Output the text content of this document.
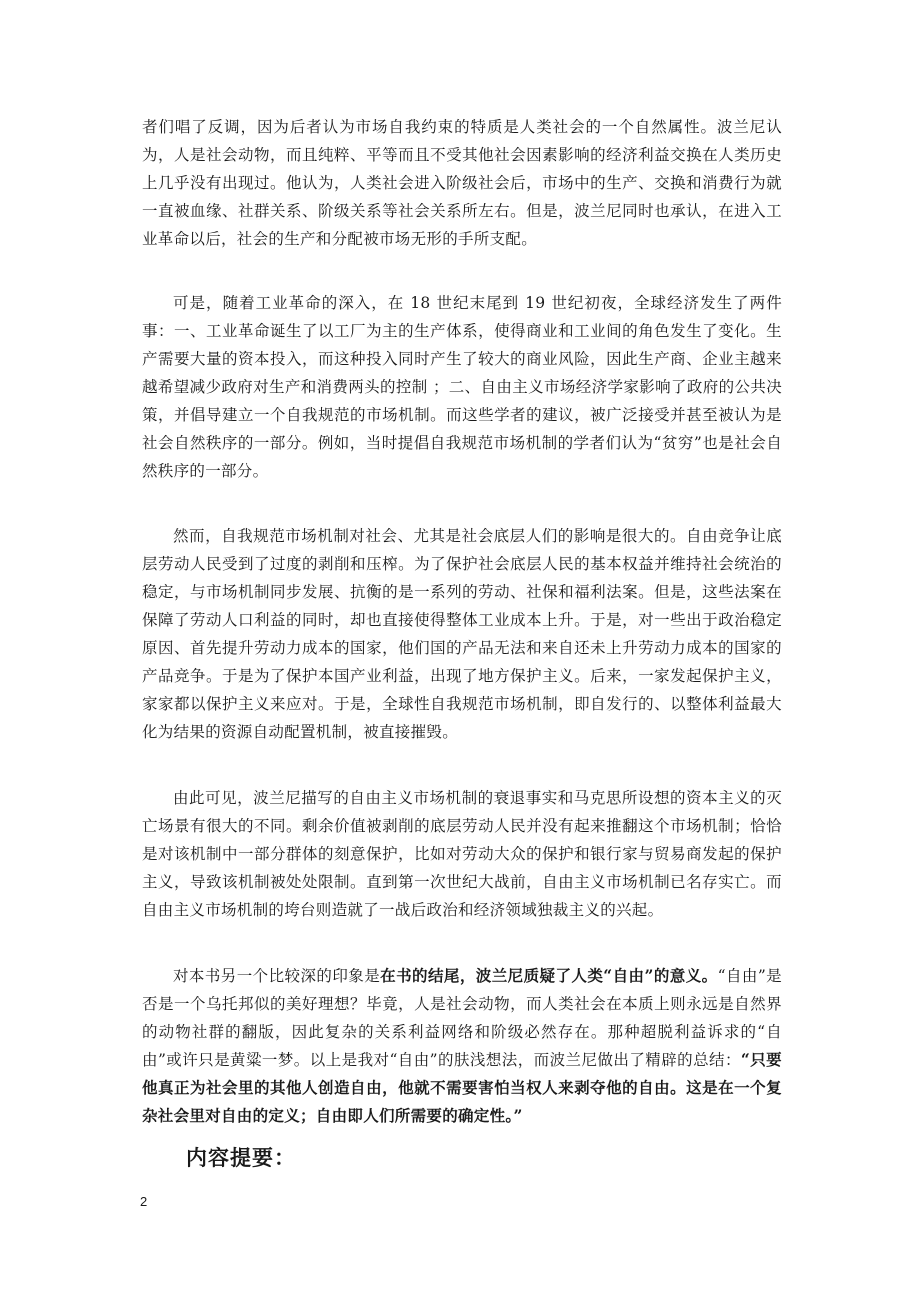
者们唱了反调，因为后者认为市场自我约束的特质是人类社会的一个自然属性。波兰尼认为，人是社会动物，而且纯粹、平等而且不受其他社会因素影响的经济利益交换在人类历史上几乎没有出现过。他认为，人类社会进入阶级社会后，市场中的生产、交换和消费行为就一直被血缘、社群关系、阶级关系等社会关系所左右。但是，波兰尼同时也承认，在进入工业革命以后，社会的生产和分配被市场无形的手所支配。

可是，随着工业革命的深入，在 18 世纪末尾到 19 世纪初夜，全球经济发生了两件事：一、工业革命诞生了以工厂为主的生产体系，使得商业和工业间的角色发生了变化。生产需要大量的资本投入，而这种投入同时产生了较大的商业风险，因此生产商、企业主越来越希望减少政府对生产和消费两头的控制 ；二、自由主义市场经济学家影响了政府的公共决策，并倡导建立一个自我规范的市场机制。而这些学者的建议，被广泛接受并甚至被认为是社会自然秩序的一部分。例如，当时提倡自我规范市场机制的学者们认为“贫穷”也是社会自然秩序的一部分。

然而，自我规范市场机制对社会、尤其是社会底层人们的影响是很大的。自由竞争让底层劳动人民受到了过度的剥削和压榨。为了保护社会底层人民的基本权益并维持社会统治的稳定，与市场机制同步发展、抗衡的是一系列的劳动、社保和福利法案。但是，这些法案在保障了劳动人口利益的同时，却也直接使得整体工业成本上升。于是，对一些出于政治稳定原因、首先提升劳动力成本的国家，他们国的产品无法和来自还未上升劳动力成本的国家的产品竞争。于是为了保护本国产业利益，出现了地方保护主义。后来，一家发起保护主义，家家都以保护主义来应对。于是，全球性自我规范市场机制，即自发行的、以整体利益最大化为结果的资源自动配置机制，被直接摧毁。

由此可见，波兰尼描写的自由主义市场机制的衰退事实和马克思所设想的资本主义的灭亡场景有很大的不同。剩余价值被剥削的底层劳动人民并没有起来推翻这个市场机制；恰恰是对该机制中一部分群体的刻意保护，比如对劳动大众的保护和银行家与贸易商发起的保护主义，导致该机制被处处限制。直到第一次世纪大战前，自由主义市场机制已名存实亡。而自由主义市场机制的垮台则造就了一战后政治和经济领域独裁主义的兴起。

对本书另一个比较深的印象是在书的结尾，波兰尼质疑了人类“自由”的意义。“自由”是否是一个乌托邦似的美好理想？毕竟，人是社会动物，而人类社会在本质上则永远是自然界的动物社群的翻版，因此复杂的关系利益网络和阶级必然存在。那种超脱利益诉求的“自由”或许只是黄粱一梦。以上是我对“自由”的肤浅想法，而波兰尼做出了精辟的总结：“只要他真正为社会里的其他人创造自由，他就不需要害怕当权人来剥夺他的自由。这是在一个复杂社会里对自由的定义；自由即人们所需要的确定性。”

内容提要：
2
